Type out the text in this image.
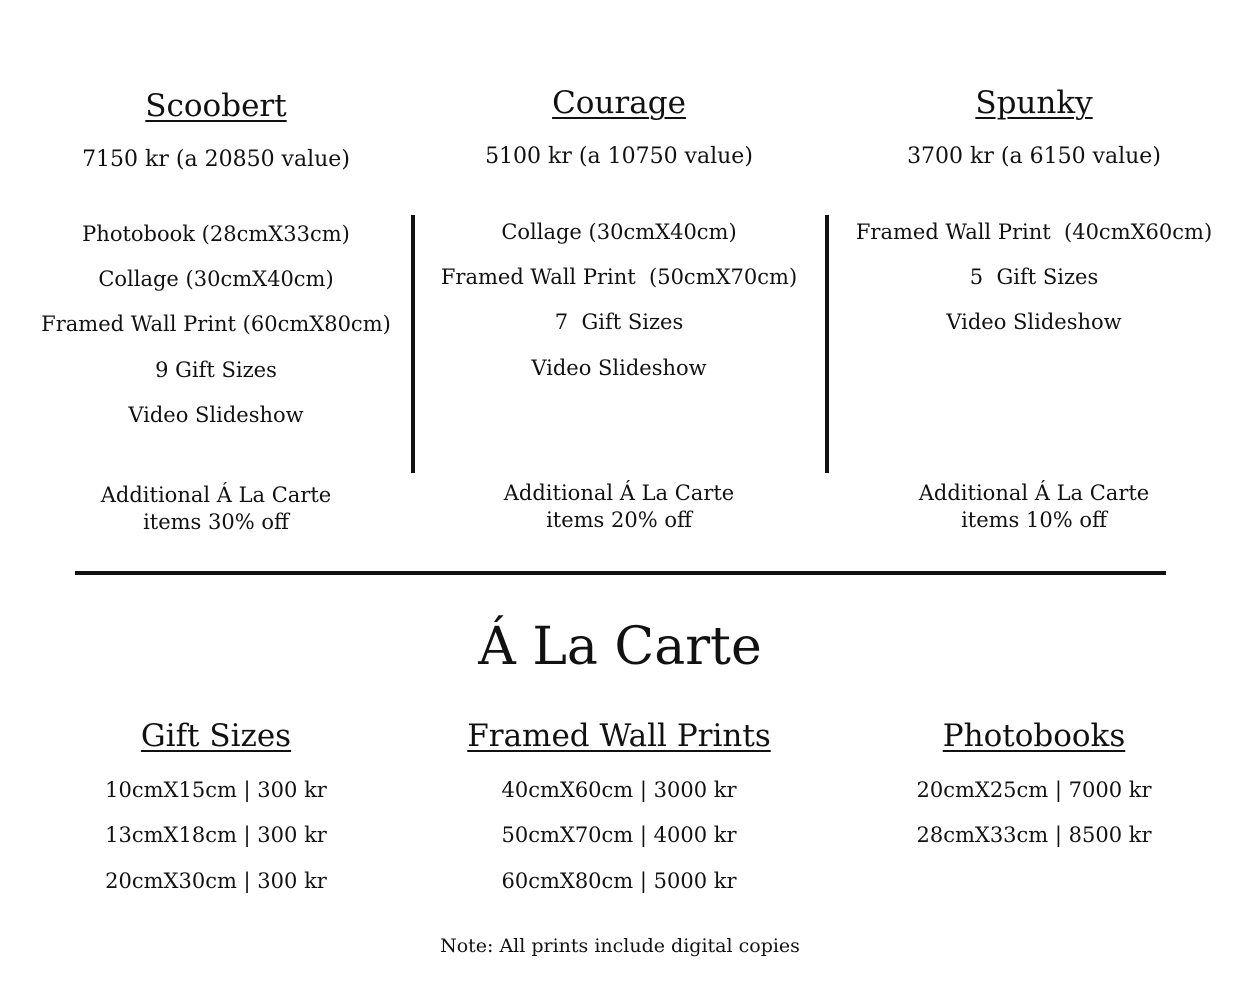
Scoobert
7150 kr (a 20850 value)
Photobook (28cmX33cm)
Collage (30cmX40cm)
Framed Wall Print (60cmX80cm)
9 Gift Sizes
Video Slideshow
Additional Á La Carte
items 30% off
Courage
5100 kr (a 10750 value)
Collage (30cmX40cm)
Framed Wall Print  (50cmX70cm)
7  Gift Sizes
Video Slideshow
Additional Á La Carte
items 20% off
Spunky
3700 kr (a 6150 value)
Framed Wall Print  (40cmX60cm)
5  Gift Sizes
Video Slideshow
Additional Á La Carte
items 10% off
Á La Carte
Gift Sizes
10cmX15cm | 300 kr
13cmX18cm | 300 kr
20cmX30cm | 300 kr
Framed Wall Prints
40cmX60cm | 3000 kr
50cmX70cm | 4000 kr
60cmX80cm | 5000 kr
Photobooks
20cmX25cm | 7000 kr
28cmX33cm | 8500 kr
Note: All prints include digital copies
